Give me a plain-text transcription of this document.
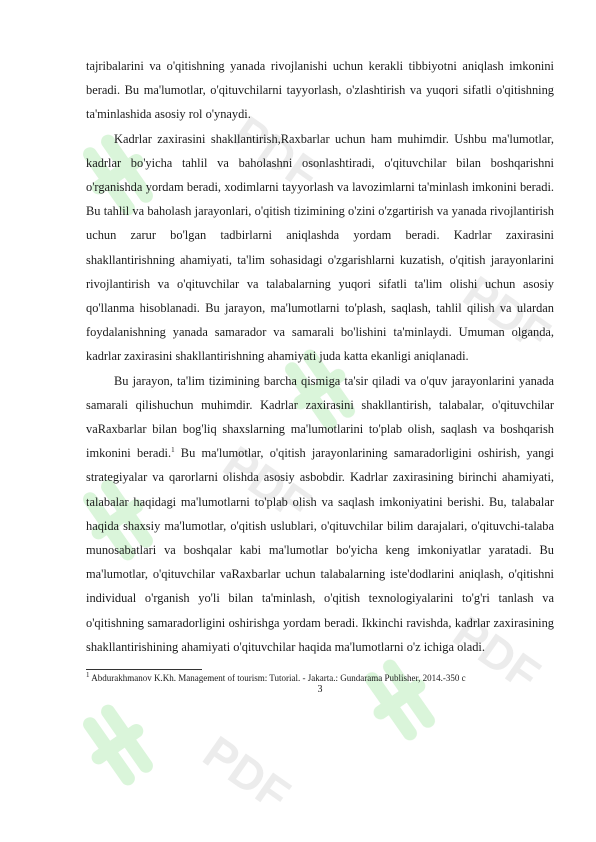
PDF
PDF
PDF
PDF
PDF

tajribalarini va o'qitishning yanada rivojlanishi uchun kerakli tibbiyotni aniqlash imkonini beradi. Bu ma'lumotlar, o'qituvchilarni tayyorlash, o'zlashtirish va yuqori sifatli o'qitishning ta'minlashida asosiy rol o'ynaydi.

Kadrlar zaxirasini shakllantirish,Raxbarlar uchun ham muhimdir. Ushbu ma'lumotlar, kadrlar bo'yicha tahlil va baholashni osonlashtiradi, o'qituvchilar bilan boshqarishni o'rganishda yordam beradi, xodimlarni tayyorlash va lavozimlarni ta'minlash imkonini beradi. Bu tahlil va baholash jarayonlari, o'qitish tizimining o'zini o'zgartirish va yanada rivojlantirish uchun zarur bo'lgan tadbirlarni aniqlashda yordam beradi. Kadrlar zaxirasini shakllantirishning ahamiyati, ta'lim sohasidagi o'zgarishlarni kuzatish, o'qitish jarayonlarini rivojlantirish va o'qituvchilar va talabalarning yuqori sifatli ta'lim olishi uchun asosiy qo'llanma hisoblanadi. Bu jarayon, ma'lumotlarni to'plash, saqlash, tahlil qilish va ulardan foydalanishning yanada samarador va samarali bo'lishini ta'minlaydi. Umuman olganda, kadrlar zaxirasini shakllantirishning ahamiyati juda katta ekanligi aniqlanadi.

Bu jarayon, ta'lim tizimining barcha qismiga ta'sir qiladi va o'quv jarayonlarini yanada samarali qilishuchun muhimdir. Kadrlar zaxirasini shakllantirish, talabalar, o'qituvchilar vaRaxbarlar bilan bog'liq shaxslarning ma'lumotlarini to'plab olish, saqlash va boshqarish imkonini beradi.$^1$ Bu ma'lumotlar, o'qitish jarayonlarining samaradorligini oshirish, yangi strategiyalar va qarorlarni olishda asosiy asbobdir. Kadrlar zaxirasining birinchi ahamiyati, talabalar haqidagi ma'lumotlarni to'plab olish va saqlash imkoniyatini berishi. Bu, talabalar haqida shaxsiy ma'lumotlar, o'qitish uslublari, o'qituvchilar bilim darajalari, o'qituvchi-talaba munosabatlari va boshqalar kabi ma'lumotlar bo'yicha keng imkoniyatlar yaratadi. Bu ma'lumotlar, o'qituvchilar vaRaxbarlar uchun talabalarning iste'dodlarini aniqlash, o'qitishni individual o'rganish yo'li bilan ta'minlash, o'qitish texnologiyalarini to'g'ri tanlash va o'qitishning samaradorligini oshirishga yordam beradi. Ikkinchi ravishda, kadrlar zaxirasining shakllantirishining ahamiyati o'qituvchilar haqida ma'lumotlarni o'z ichiga oladi.

$^1$ Abdurakhmanov K.Kh. Management of tourism: Tutorial. - Jakarta.: Gundarama Publisher, 2014.-350 c

3
